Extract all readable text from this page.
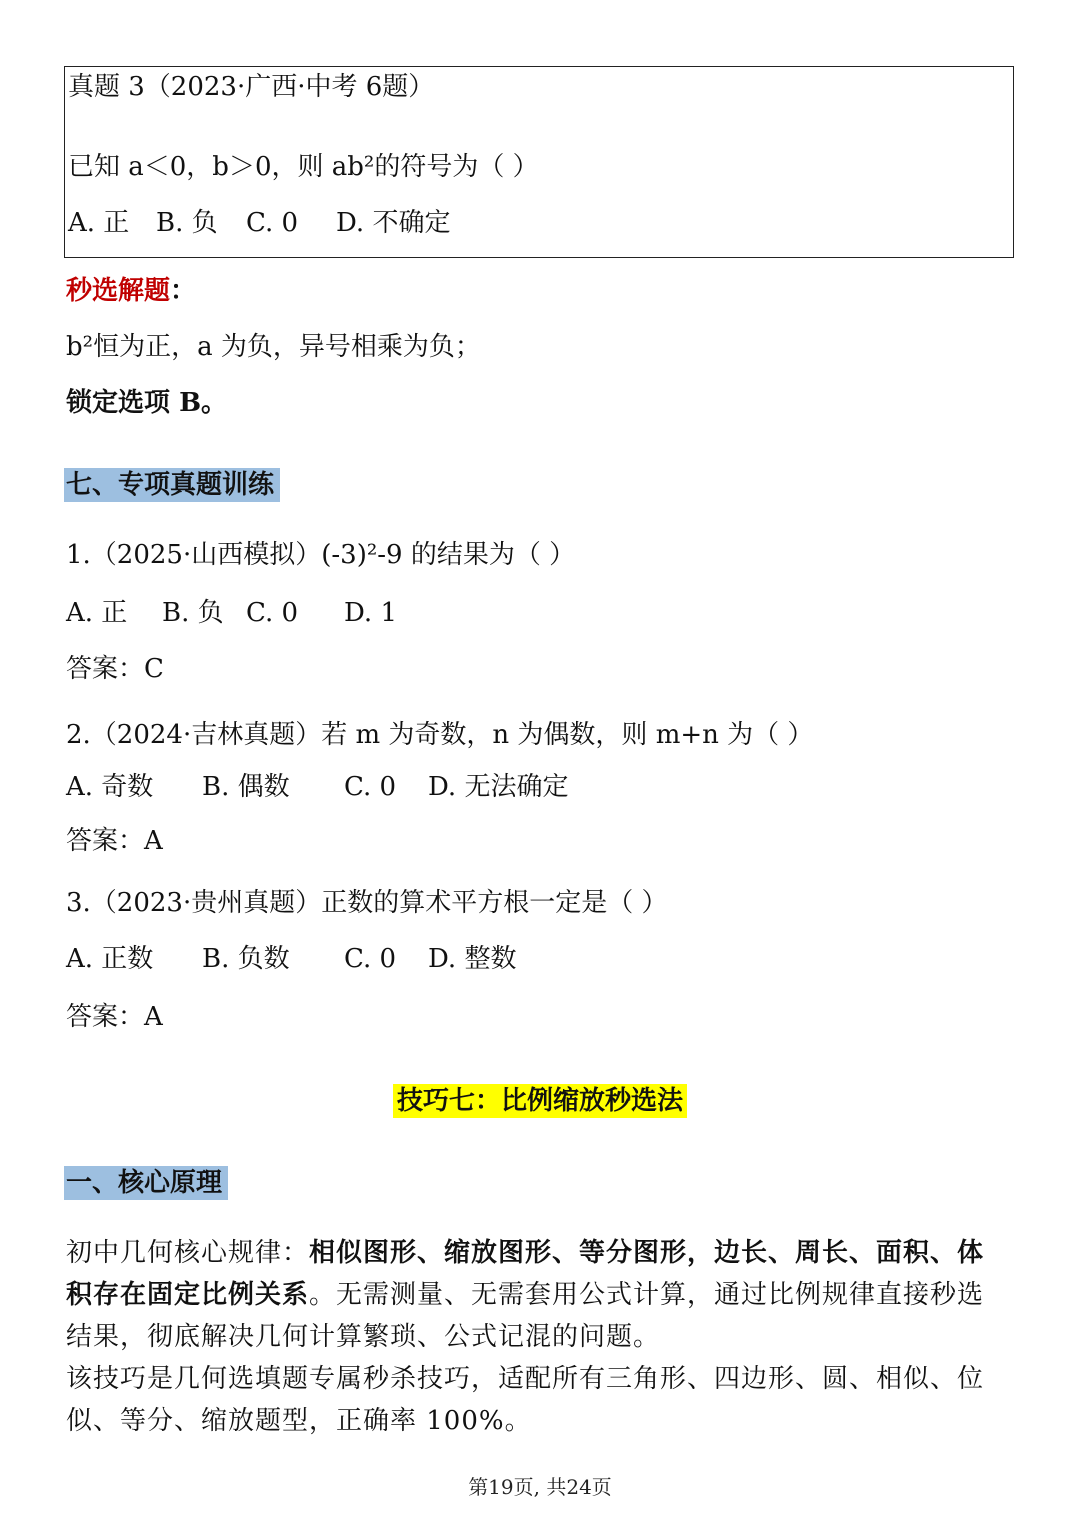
真题 3（2023·广西·中考 6题）
已知 a＜0，b＞0，则 ab²的符号为（ ）
A. 正 B. 负 C. 0 D. 不确定
秒选解题：
b²恒为正，a 为负，异号相乘为负；
锁定选项 B。
七、专项真题训练
1.（2025·山西模拟）(-3)²-9 的结果为（ ）
A. 正 B. 负 C. 0 D. 1
答案：C
2.（2024·吉林真题）若 m 为奇数，n 为偶数，则 m+n 为（ ）
A. 奇数 B. 偶数 C. 0 D. 无法确定
答案：A
3.（2023·贵州真题）正数的算术平方根一定是（ ）
A. 正数 B. 负数 C. 0 D. 整数
答案：A
技巧七：比例缩放秒选法
一、核心原理
初中几何核心规律：相似图形、缩放图形、等分图形，边长、周长、面积、体积存在固定比例关系。无需测量、无需套用公式计算，通过比例规律直接秒选结果，彻底解决几何计算繁琐、公式记混的问题。
该技巧是几何选填题专属秒杀技巧，适配所有三角形、四边形、圆、相似、位似、等分、缩放题型，正确率 100%。
第19页, 共24页
